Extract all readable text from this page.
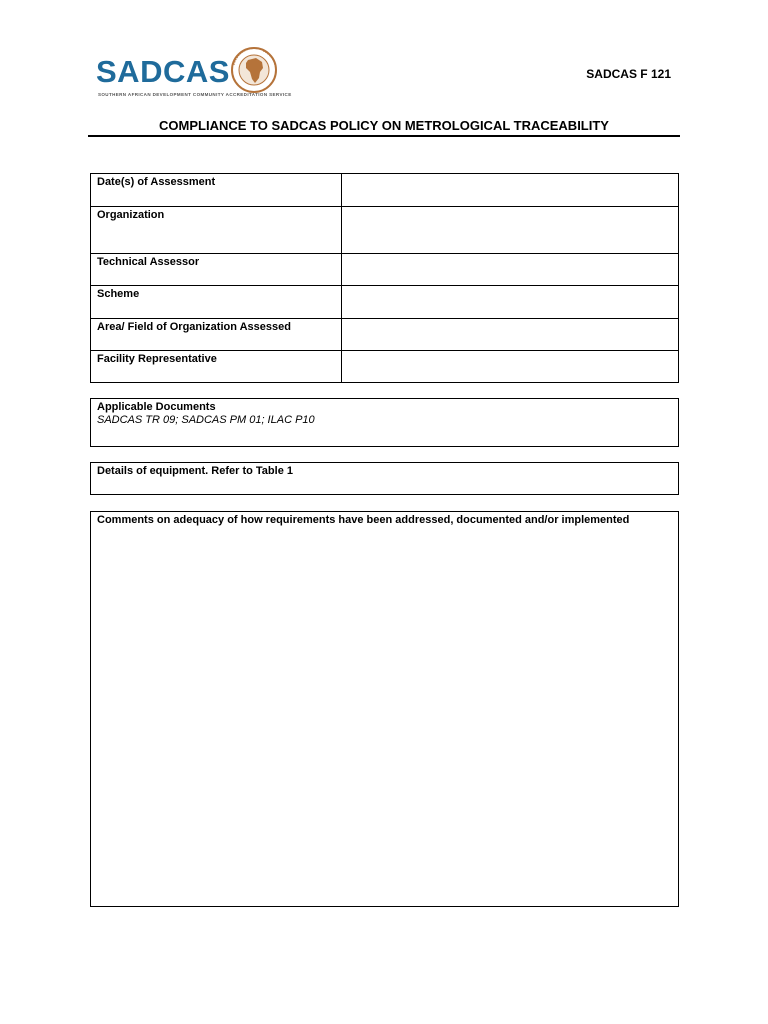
SADCAS
SOUTHERN AFRICAN DEVELOPMENT COMMUNITY ACCREDITATION SERVICE
SADCAS F 121
COMPLIANCE TO SADCAS POLICY ON METROLOGICAL TRACEABILITY
Date(s) of Assessment	
Organization	
Technical Assessor	
Scheme	
Area/ Field of Organization Assessed	
Facility Representative	
Applicable Documents
SADCAS TR 09; SADCAS PM 01; ILAC P10
Details of equipment. Refer to Table 1
Comments on adequacy of how requirements have been addressed, documented and/or implemented
